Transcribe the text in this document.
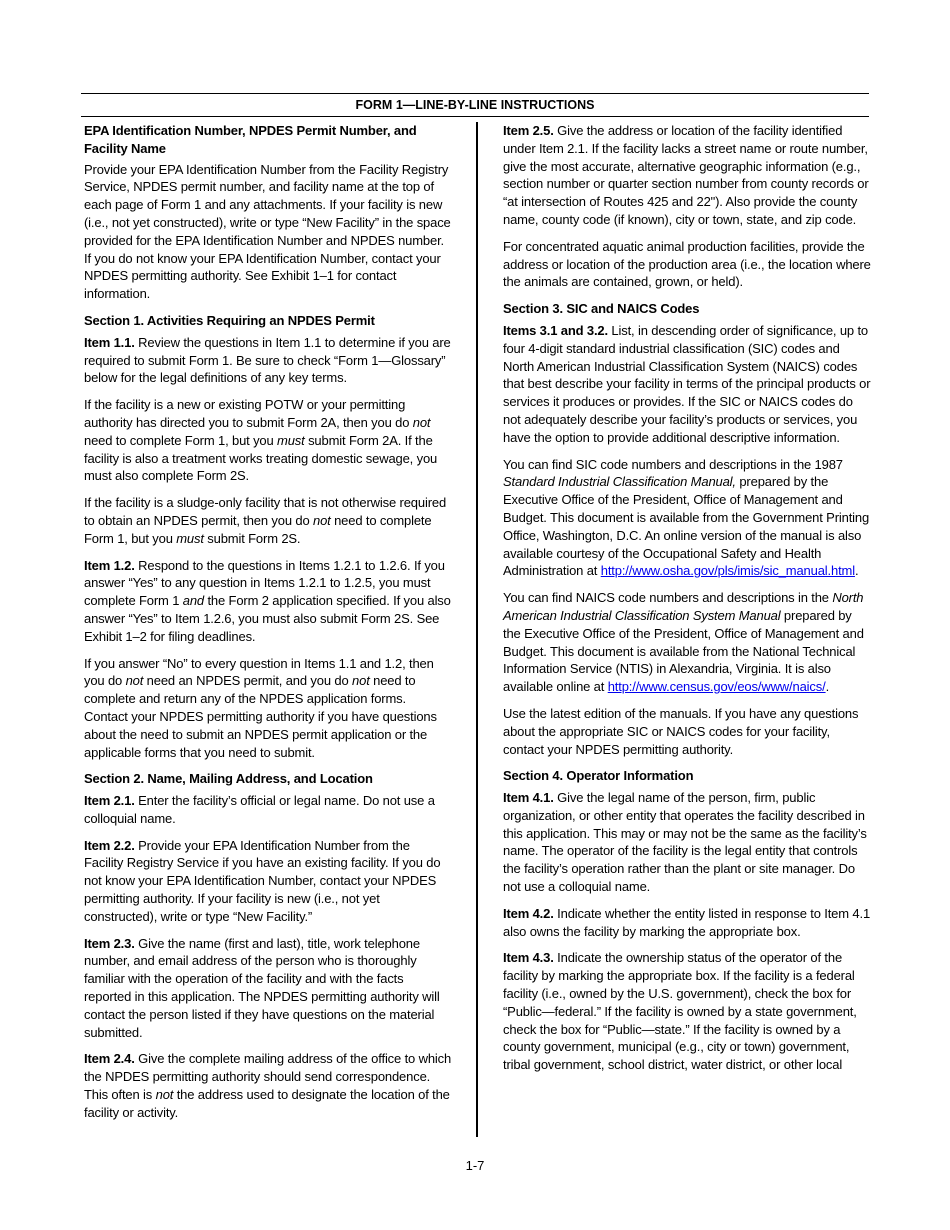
FORM 1—LINE-BY-LINE INSTRUCTIONS
EPA Identification Number, NPDES Permit Number, and Facility Name

Provide your EPA Identification Number from the Facility Registry Service, NPDES permit number, and facility name at the top of each page of Form 1 and any attachments. If your facility is new (i.e., not yet constructed), write or type “New Facility” in the space provided for the EPA Identification Number and NPDES number. If you do not know your EPA Identification Number, contact your NPDES permitting authority. See Exhibit 1–1 for contact information.

Section 1. Activities Requiring an NPDES Permit

Item 1.1. Review the questions in Item 1.1 to determine if you are required to submit Form 1. Be sure to check “Form 1—Glossary” below for the legal definitions of any key terms.

If the facility is a new or existing POTW or your permitting authority has directed you to submit Form 2A, then you do not need to complete Form 1, but you must submit Form 2A. If the facility is also a treatment works treating domestic sewage, you must also complete Form 2S.

If the facility is a sludge-only facility that is not otherwise required to obtain an NPDES permit, then you do not need to complete Form 1, but you must submit Form 2S.

Item 1.2. Respond to the questions in Items 1.2.1 to 1.2.6. If you answer “Yes” to any question in Items 1.2.1 to 1.2.5, you must complete Form 1 and the Form 2 application specified. If you also answer “Yes” to Item 1.2.6, you must also submit Form 2S. See Exhibit 1–2 for filing deadlines.

If you answer “No” to every question in Items 1.1 and 1.2, then you do not need an NPDES permit, and you do not need to complete and return any of the NPDES application forms. Contact your NPDES permitting authority if you have questions about the need to submit an NPDES permit application or the applicable forms that you need to submit.

Section 2. Name, Mailing Address, and Location

Item 2.1. Enter the facility’s official or legal name. Do not use a colloquial name.

Item 2.2. Provide your EPA Identification Number from the Facility Registry Service if you have an existing facility. If you do not know your EPA Identification Number, contact your NPDES permitting authority. If your facility is new (i.e., not yet constructed), write or type “New Facility.”

Item 2.3. Give the name (first and last), title, work telephone number, and email address of the person who is thoroughly familiar with the operation of the facility and with the facts reported in this application. The NPDES permitting authority will contact the person listed if they have questions on the material submitted.

Item 2.4. Give the complete mailing address of the office to which the NPDES permitting authority should send correspondence. This often is not the address used to designate the location of the facility or activity.

Item 2.5. Give the address or location of the facility identified under Item 2.1. If the facility lacks a street name or route number, give the most accurate, alternative geographic information (e.g., section number or quarter section number from county records or “at intersection of Routes 425 and 22"). Also provide the county name, county code (if known), city or town, state, and zip code.

For concentrated aquatic animal production facilities, provide the address or location of the production area (i.e., the location where the animals are contained, grown, or held).

Section 3. SIC and NAICS Codes

Items 3.1 and 3.2. List, in descending order of significance, up to four 4-digit standard industrial classification (SIC) codes and North American Industrial Classification System (NAICS) codes that best describe your facility in terms of the principal products or services it produces or provides. If the SIC or NAICS codes do not adequately describe your facility’s products or services, you have the option to provide additional descriptive information.

You can find SIC code numbers and descriptions in the 1987 Standard Industrial Classification Manual, prepared by the Executive Office of the President, Office of Management and Budget. This document is available from the Government Printing Office, Washington, D.C. An online version of the manual is also available courtesy of the Occupational Safety and Health Administration at http://www.osha.gov/pls/imis/sic_manual.html.

You can find NAICS code numbers and descriptions in the North American Industrial Classification System Manual prepared by the Executive Office of the President, Office of Management and Budget. This document is available from the National Technical Information Service (NTIS) in Alexandria, Virginia. It is also available online at http://www.census.gov/eos/www/naics/.

Use the latest edition of the manuals. If you have any questions about the appropriate SIC or NAICS codes for your facility, contact your NPDES permitting authority.

Section 4. Operator Information

Item 4.1. Give the legal name of the person, firm, public organization, or other entity that operates the facility described in this application. This may or may not be the same as the facility’s name. The operator of the facility is the legal entity that controls the facility’s operation rather than the plant or site manager. Do not use a colloquial name.

Item 4.2. Indicate whether the entity listed in response to Item 4.1 also owns the facility by marking the appropriate box.

Item 4.3. Indicate the ownership status of the operator of the facility by marking the appropriate box. If the facility is a federal facility (i.e., owned by the U.S. government), check the box for “Public—federal.” If the facility is owned by a state government, check the box for “Public—state.” If the facility is owned by a county government, municipal (e.g., city or town) government, tribal government, school district, water district, or other local

1-7
